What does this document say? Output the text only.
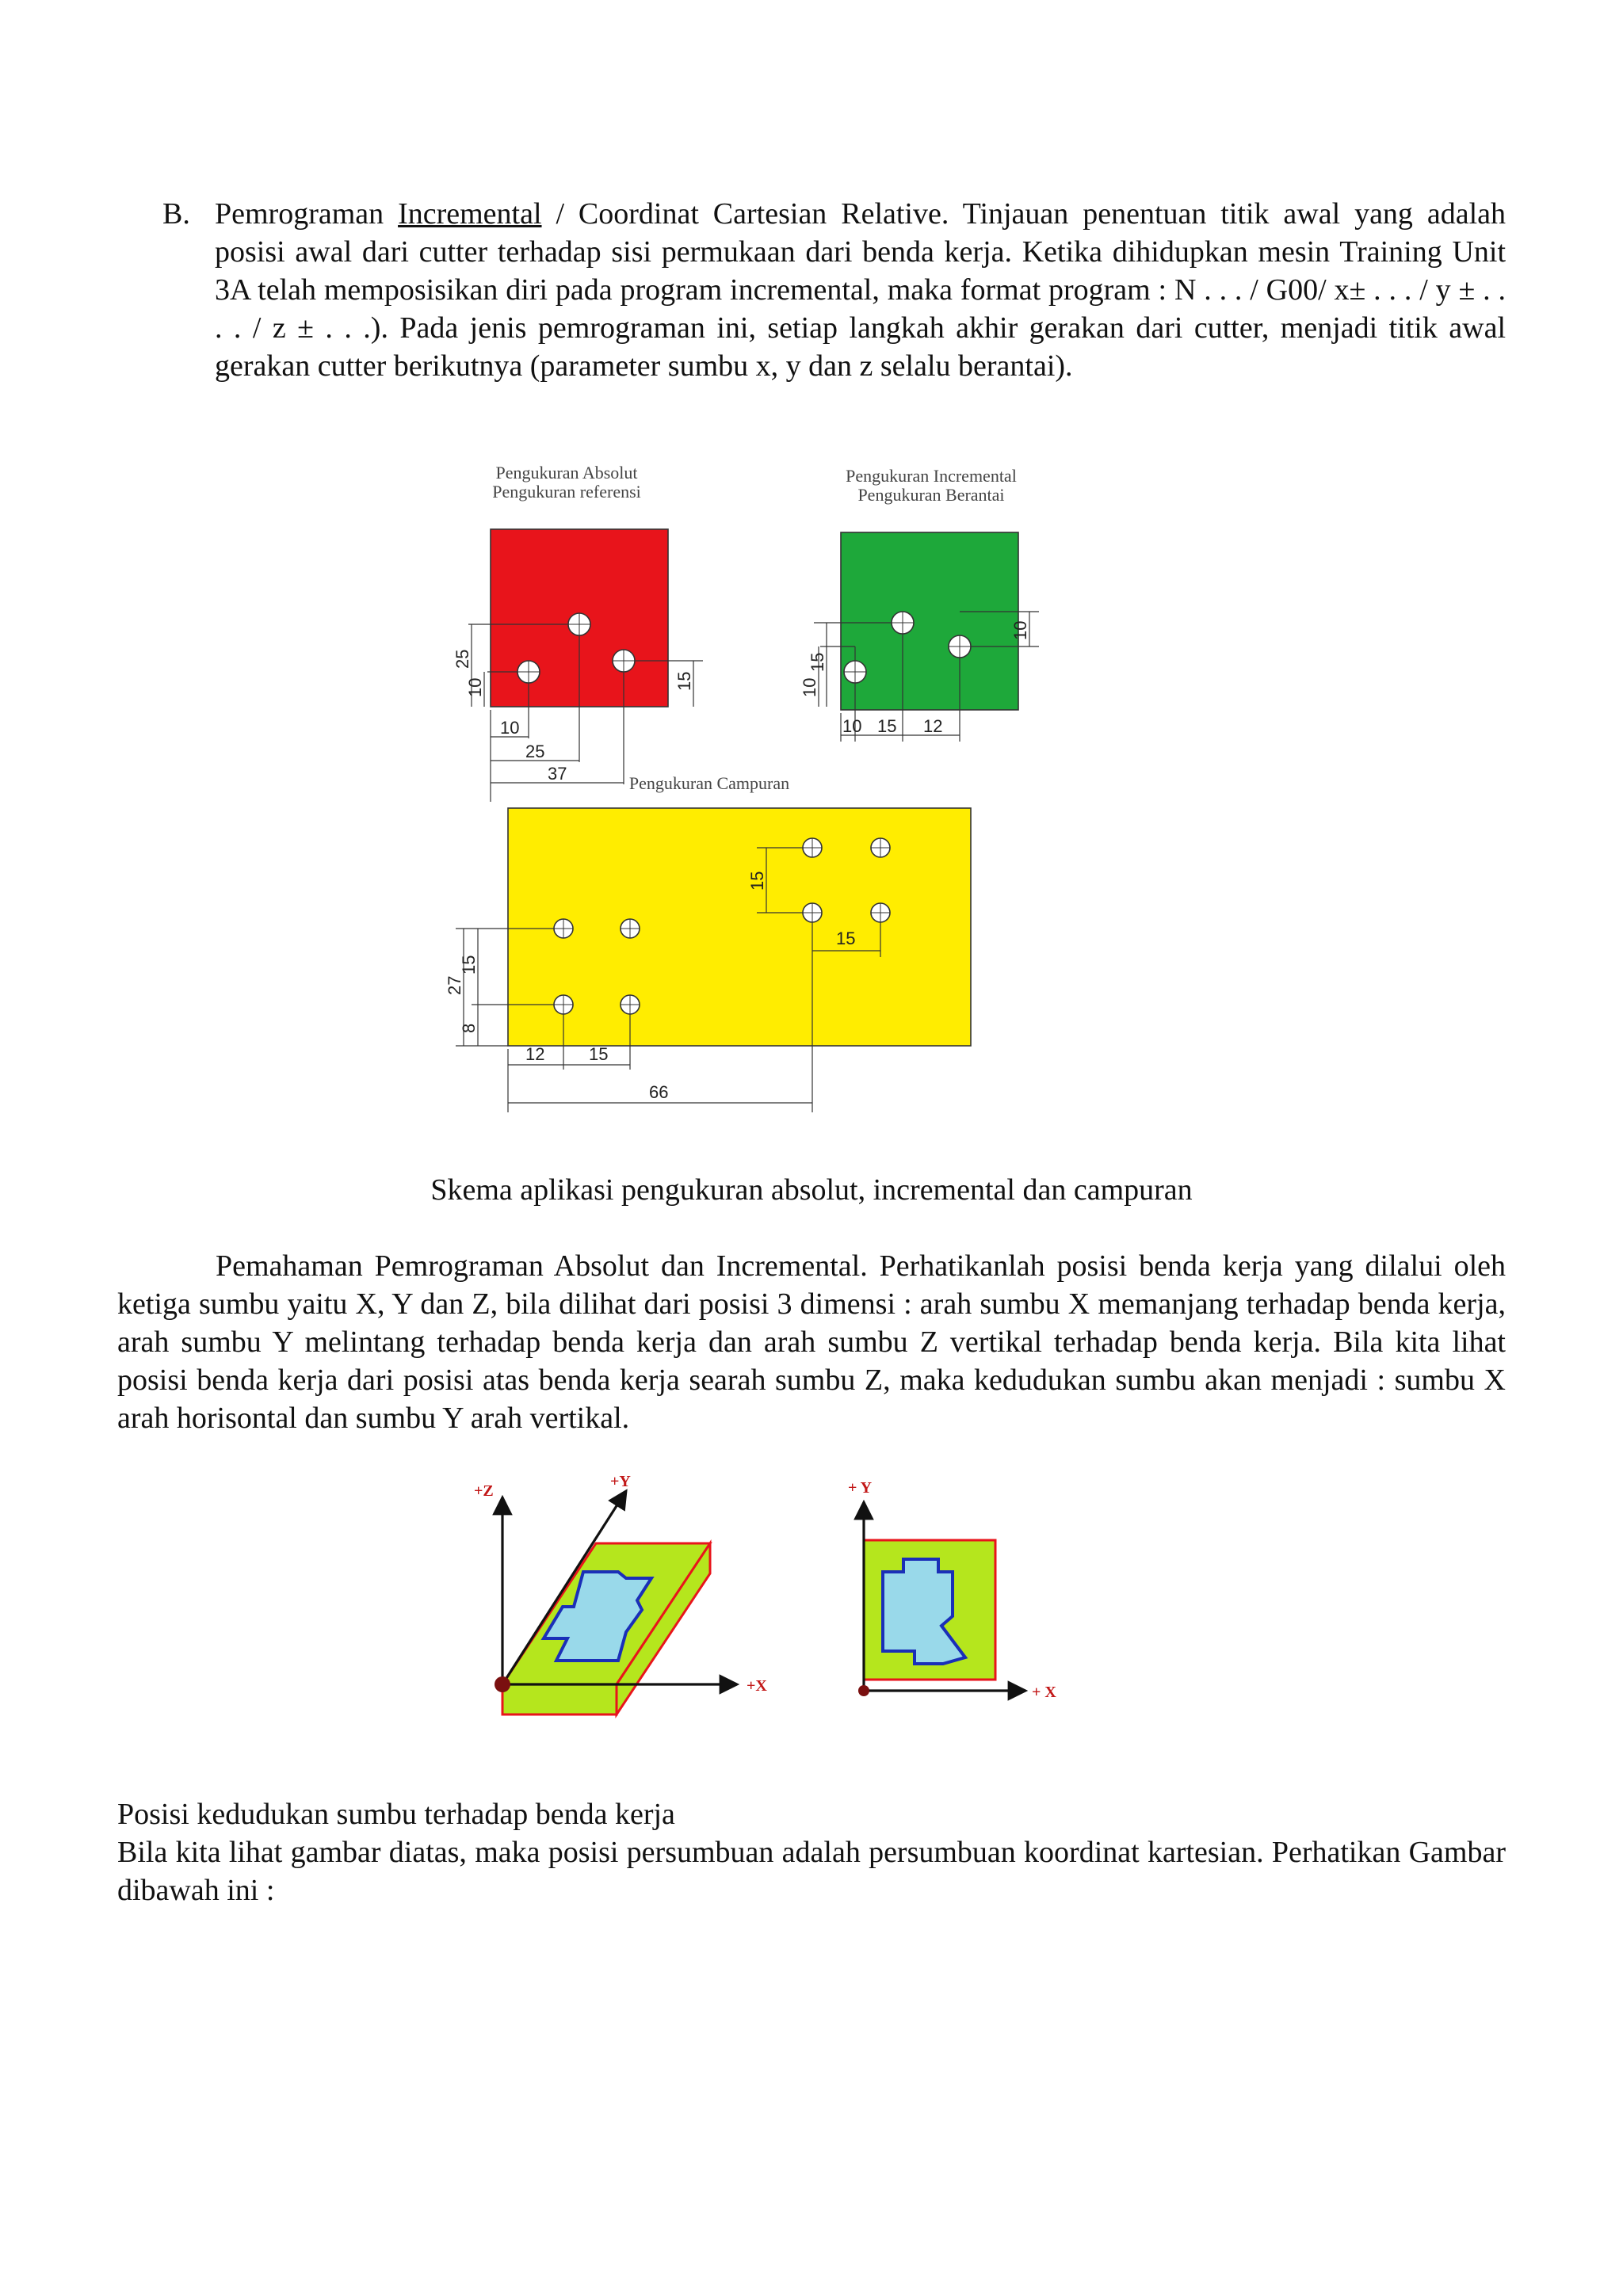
B. Pemrograman Incremental / Coordinat Cartesian Relative. Tinjauan penentuan titik awal yang adalah posisi awal dari cutter terhadap sisi permukaan dari benda kerja. Ketika dihidupkan mesin Training Unit 3A telah memposisikan diri pada program incremental, maka format program : N . . . / G00/ x± . . . / y ± . . . . / z ± . . .). Pada jenis pemrograman ini, setiap langkah akhir gerakan dari cutter, menjadi titik awal gerakan cutter berikutnya (parameter sumbu x, y dan z selalu berantai).
Pengukuran Absolut
Pengukuran referensi
25
10	15
10
25
37
Pengukuran Incremental
Pengukuran Berantai
15
10
10
10 15	12
Pengukuran Campuran
15
27
15
8
15
12	15
66

Skema aplikasi pengukuran absolut, incremental dan campuran

Pemahaman Pemrograman Absolut dan Incremental. Perhatikanlah posisi benda kerja yang dilalui oleh ketiga sumbu yaitu X, Y dan Z, bila dilihat dari posisi 3 dimensi : arah sumbu X memanjang terhadap benda kerja, arah sumbu Y melintang terhadap benda kerja dan arah sumbu Z vertikal terhadap benda kerja. Bila kita lihat posisi benda kerja dari posisi atas benda kerja searah sumbu Z, maka kedudukan sumbu akan menjadi : sumbu X arah horisontal dan sumbu Y arah vertikal.

+Z
+Y
+X
+ Y
+ X
Posisi kedudukan sumbu terhadap benda kerja
Bila kita lihat gambar diatas, maka posisi persumbuan adalah persumbuan koordinat kartesian. Perhatikan Gambar dibawah ini :
